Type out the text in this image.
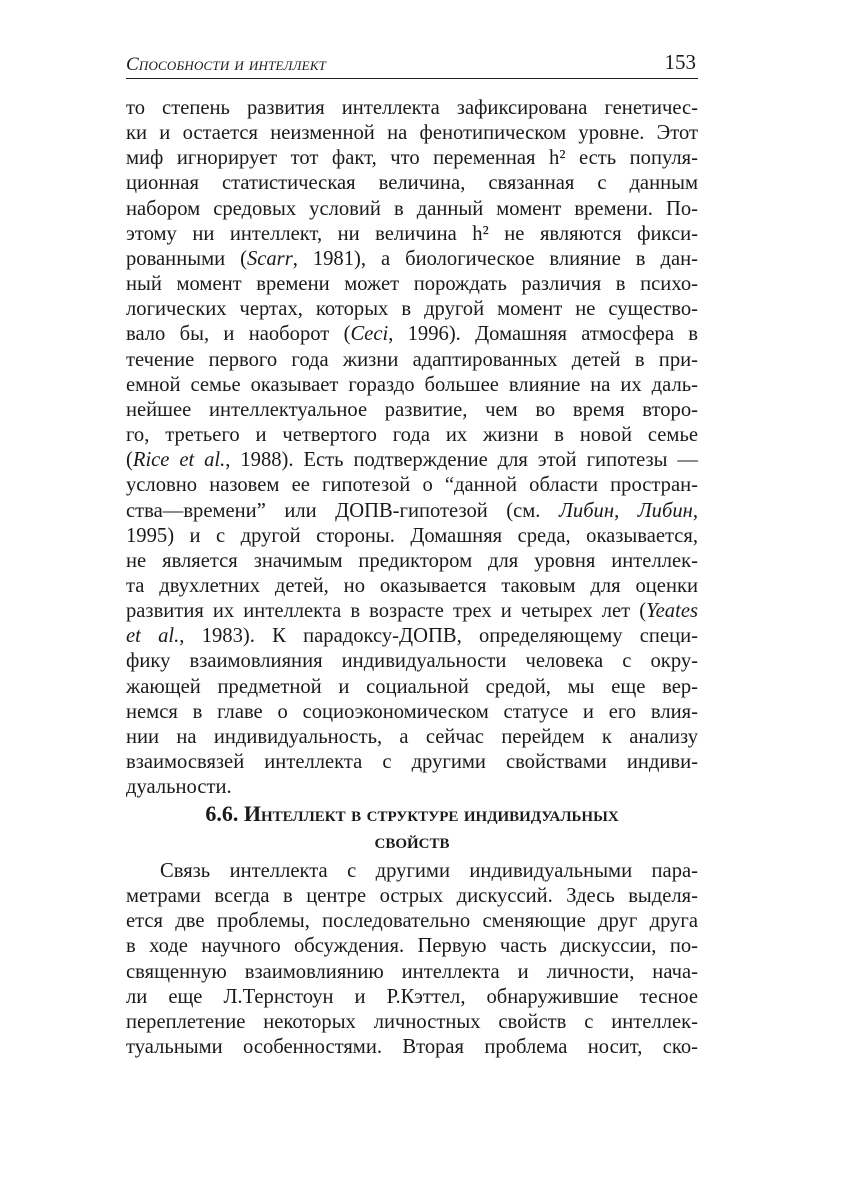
Способности и интеллект	153

то степень развития интеллекта зафиксирована генетичес-
ки и остается неизменной на фенотипическом уровне. Этот
миф игнорирует тот факт, что переменная h² есть популя-
ционная статистическая величина, связанная с данным
набором средовых условий в данный момент времени. По-
этому ни интеллект, ни величина h² не являются фикси-
рованными (Scarr, 1981), а биологическое влияние в дан-
ный момент времени может порождать различия в психо-
логических чертах, которых в другой момент не существо-
вало бы, и наоборот (Ceci, 1996). Домашняя атмосфера в
течение первого года жизни адаптированных детей в при-
емной семье оказывает гораздо большее влияние на их даль-
нейшее интеллектуальное развитие, чем во время второ-
го, третьего и четвертого года их жизни в новой семье
(Rice et al., 1988). Есть подтверждение для этой гипотезы —
условно назовем ее гипотезой о “данной области простран-
ства—времени” или ДОПВ-гипотезой (см. Либин, Либин,
1995) и с другой стороны. Домашняя среда, оказывается,
не является значимым предиктором для уровня интеллек-
та двухлетних детей, но оказывается таковым для оценки
развития их интеллекта в возрасте трех и четырех лет (Yeates
et al., 1983). К парадоксу-ДОПВ, определяющему специ-
фику взаимовлияния индивидуальности человека с окру-
жающей предметной и социальной средой, мы еще вер-
немся в главе о социоэкономическом статусе и его влия-
нии на индивидуальность, а сейчас перейдем к анализу
взаимосвязей интеллекта с другими свойствами индиви-
дуальности.

6.6. Интеллект в структуре индивидуальных
свойств

Связь интеллекта с другими индивидуальными пара-
метрами всегда в центре острых дискуссий. Здесь выделя-
ется две проблемы, последовательно сменяющие друг друга
в ходе научного обсуждения. Первую часть дискуссии, по-
священную взаимовлиянию интеллекта и личности, нача-
ли еще Л.Тернстоун и Р.Кэттел, обнаружившие тесное
переплетение некоторых личностных свойств с интеллек-
туальными особенностями. Вторая проблема носит, ско-
